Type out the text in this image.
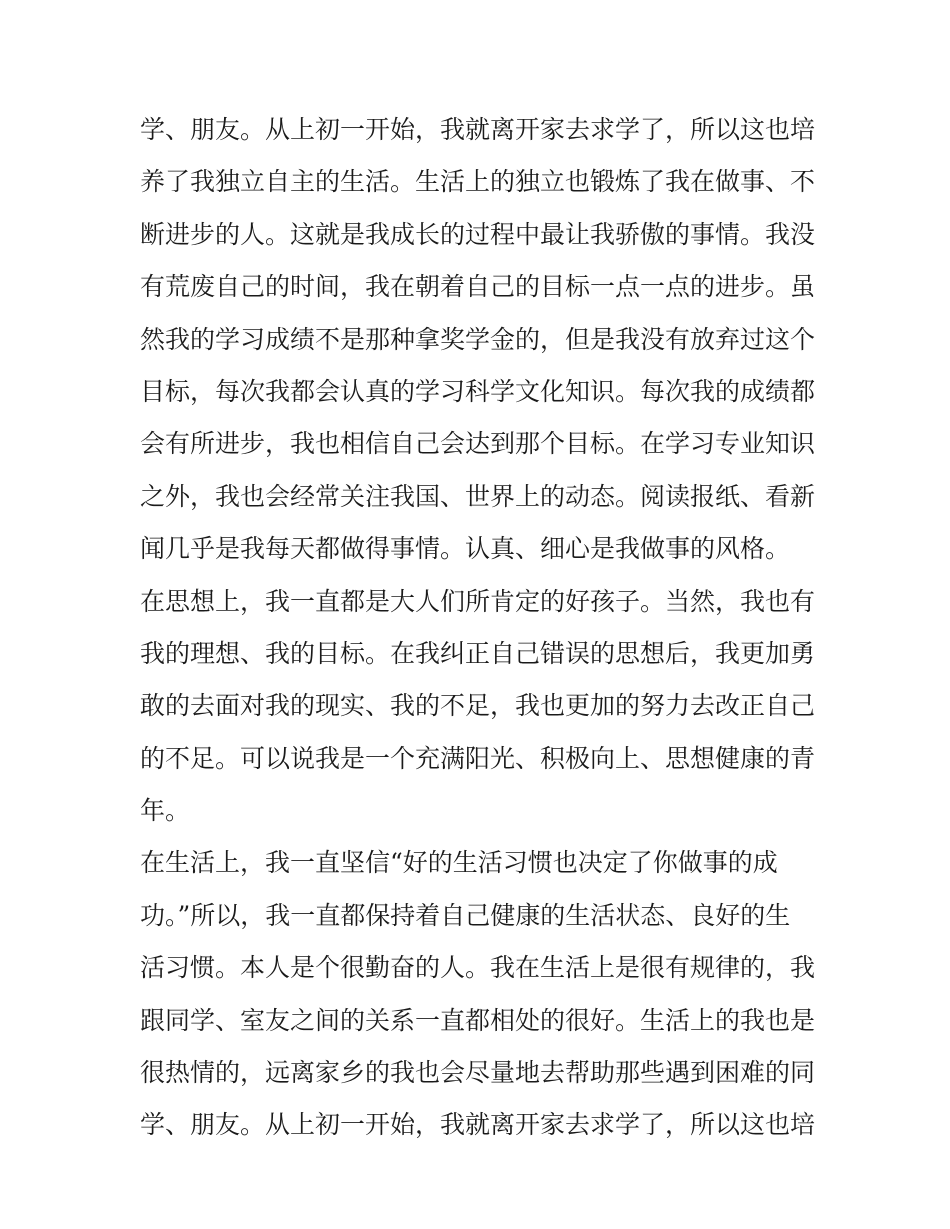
学、朋友。从上初一开始，我就离开家去求学了，所以这也培
养了我独立自主的生活。生活上的独立也锻炼了我在做事、不
断进步的人。这就是我成长的过程中最让我骄傲的事情。我没
有荒废自己的时间，我在朝着自己的目标一点一点的进步。虽
然我的学习成绩不是那种拿奖学金的，但是我没有放弃过这个
目标，每次我都会认真的学习科学文化知识。每次我的成绩都
会有所进步，我也相信自己会达到那个目标。在学习专业知识
之外，我也会经常关注我国、世界上的动态。阅读报纸、看新
闻几乎是我每天都做得事情。认真、细心是我做事的风格。
在思想上，我一直都是大人们所肯定的好孩子。当然，我也有
我的理想、我的目标。在我纠正自己错误的思想后，我更加勇
敢的去面对我的现实、我的不足，我也更加的努力去改正自己
的不足。可以说我是一个充满阳光、积极向上、思想健康的青
年。
在生活上，我一直坚信“好的生活习惯也决定了你做事的成
功。”所以，我一直都保持着自己健康的生活状态、良好的生
活习惯。本人是个很勤奋的人。我在生活上是很有规律的，我
跟同学、室友之间的关系一直都相处的很好。生活上的我也是
很热情的，远离家乡的我也会尽量地去帮助那些遇到困难的同
学、朋友。从上初一开始，我就离开家去求学了，所以这也培
